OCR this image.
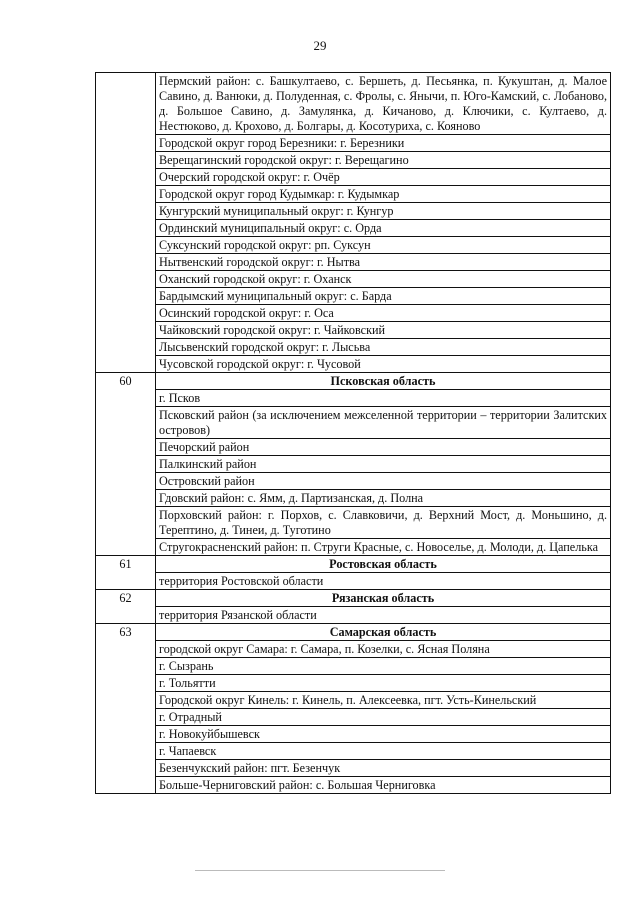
29
	Пермский район: с. Башкултаево, с. Бершеть, д. Песьянка, п. Кукуштан, д. Малое Савино, д. Ванюки, д. Полуденная, с. Фролы, с. Янычи, п. Юго-Камский, с. Лобаново, д. Большое Савино, д. Замулянка, д. Кичаново, д. Ключики, с. Култаево, д. Нестюково, д. Крохово, д. Болгары, д. Косотуриха, с. Кояново
	Городской округ город Березники: г. Березники
	Верещагинский городской округ: г. Верещагино
	Очерский городской округ: г. Очёр
	Городской округ город Кудымкар: г. Кудымкар
	Кунгурский муниципальный округ: г. Кунгур
	Ординский муниципальный округ: с. Орда
	Суксунский городской округ: рп. Суксун
	Нытвенский городской округ: г. Нытва
	Оханский городской округ: г. Оханск
	Бардымский муниципальный округ: с. Барда
	Осинский городской округ: г. Оса
	Чайковский городской округ: г. Чайковский
	Лысьвенский городской округ: г. Лысьва
	Чусовской городской округ: г. Чусовой
60	Псковская область
	г. Псков
	Псковский район (за исключением межселенной территории – территории Залитских островов)
	Печорский район
	Палкинский район
	Островский район
	Гдовский район: с. Ямм, д. Партизанская, д. Полна
	Порховский район: г. Порхов, с. Славковичи, д. Верхний Мост, д. Моньшино, д. Терептино, д. Тинеи, д. Туготино
	Стругокрасненский район: п. Струги Красные, с. Новоселье, д. Молоди, д. Цапелька
61	Ростовская область
	территория Ростовской области
62	Рязанская область
	территория Рязанской области
63	Самарская область
	городской округ Самара: г. Самара, п. Козелки, с. Ясная Поляна
	г. Сызрань
	г. Тольятти
	Городской округ Кинель: г. Кинель, п. Алексеевка, пгт. Усть-Кинельский
	г. Отрадный
	г. Новокуйбышевск
	г. Чапаевск
	Безенчукский район: пгт. Безенчук
	Больше-Черниговский район: с. Большая Черниговка
